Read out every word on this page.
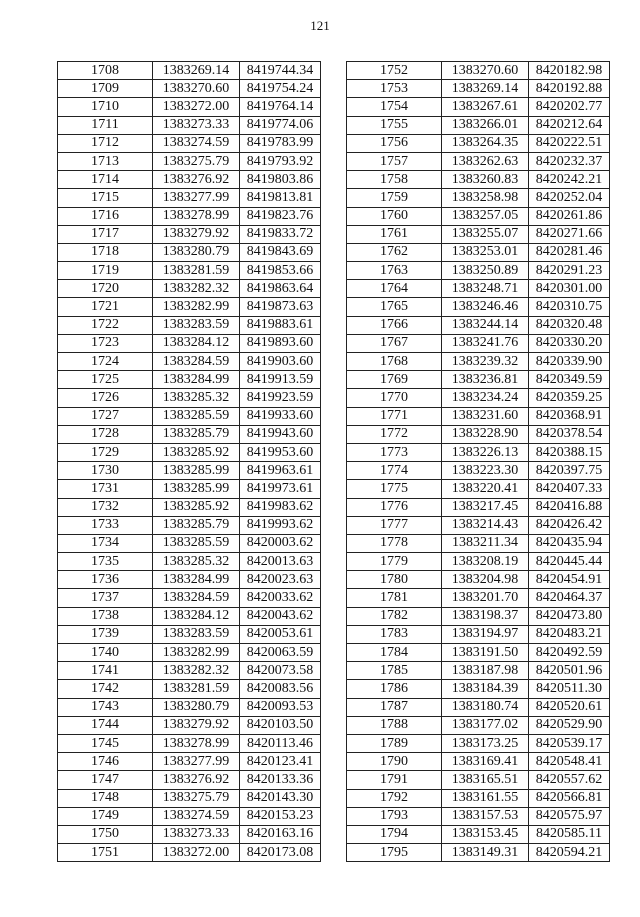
121
1708	1383269.14	8419744.34
1709	1383270.60	8419754.24
1710	1383272.00	8419764.14
1711	1383273.33	8419774.06
1712	1383274.59	8419783.99
1713	1383275.79	8419793.92
1714	1383276.92	8419803.86
1715	1383277.99	8419813.81
1716	1383278.99	8419823.76
1717	1383279.92	8419833.72
1718	1383280.79	8419843.69
1719	1383281.59	8419853.66
1720	1383282.32	8419863.64
1721	1383282.99	8419873.63
1722	1383283.59	8419883.61
1723	1383284.12	8419893.60
1724	1383284.59	8419903.60
1725	1383284.99	8419913.59
1726	1383285.32	8419923.59
1727	1383285.59	8419933.60
1728	1383285.79	8419943.60
1729	1383285.92	8419953.60
1730	1383285.99	8419963.61
1731	1383285.99	8419973.61
1732	1383285.92	8419983.62
1733	1383285.79	8419993.62
1734	1383285.59	8420003.62
1735	1383285.32	8420013.63
1736	1383284.99	8420023.63
1737	1383284.59	8420033.62
1738	1383284.12	8420043.62
1739	1383283.59	8420053.61
1740	1383282.99	8420063.59
1741	1383282.32	8420073.58
1742	1383281.59	8420083.56
1743	1383280.79	8420093.53
1744	1383279.92	8420103.50
1745	1383278.99	8420113.46
1746	1383277.99	8420123.41
1747	1383276.92	8420133.36
1748	1383275.79	8420143.30
1749	1383274.59	8420153.23
1750	1383273.33	8420163.16
1751	1383272.00	8420173.08
1752	1383270.60	8420182.98
1753	1383269.14	8420192.88
1754	1383267.61	8420202.77
1755	1383266.01	8420212.64
1756	1383264.35	8420222.51
1757	1383262.63	8420232.37
1758	1383260.83	8420242.21
1759	1383258.98	8420252.04
1760	1383257.05	8420261.86
1761	1383255.07	8420271.66
1762	1383253.01	8420281.46
1763	1383250.89	8420291.23
1764	1383248.71	8420301.00
1765	1383246.46	8420310.75
1766	1383244.14	8420320.48
1767	1383241.76	8420330.20
1768	1383239.32	8420339.90
1769	1383236.81	8420349.59
1770	1383234.24	8420359.25
1771	1383231.60	8420368.91
1772	1383228.90	8420378.54
1773	1383226.13	8420388.15
1774	1383223.30	8420397.75
1775	1383220.41	8420407.33
1776	1383217.45	8420416.88
1777	1383214.43	8420426.42
1778	1383211.34	8420435.94
1779	1383208.19	8420445.44
1780	1383204.98	8420454.91
1781	1383201.70	8420464.37
1782	1383198.37	8420473.80
1783	1383194.97	8420483.21
1784	1383191.50	8420492.59
1785	1383187.98	8420501.96
1786	1383184.39	8420511.30
1787	1383180.74	8420520.61
1788	1383177.02	8420529.90
1789	1383173.25	8420539.17
1790	1383169.41	8420548.41
1791	1383165.51	8420557.62
1792	1383161.55	8420566.81
1793	1383157.53	8420575.97
1794	1383153.45	8420585.11
1795	1383149.31	8420594.21
